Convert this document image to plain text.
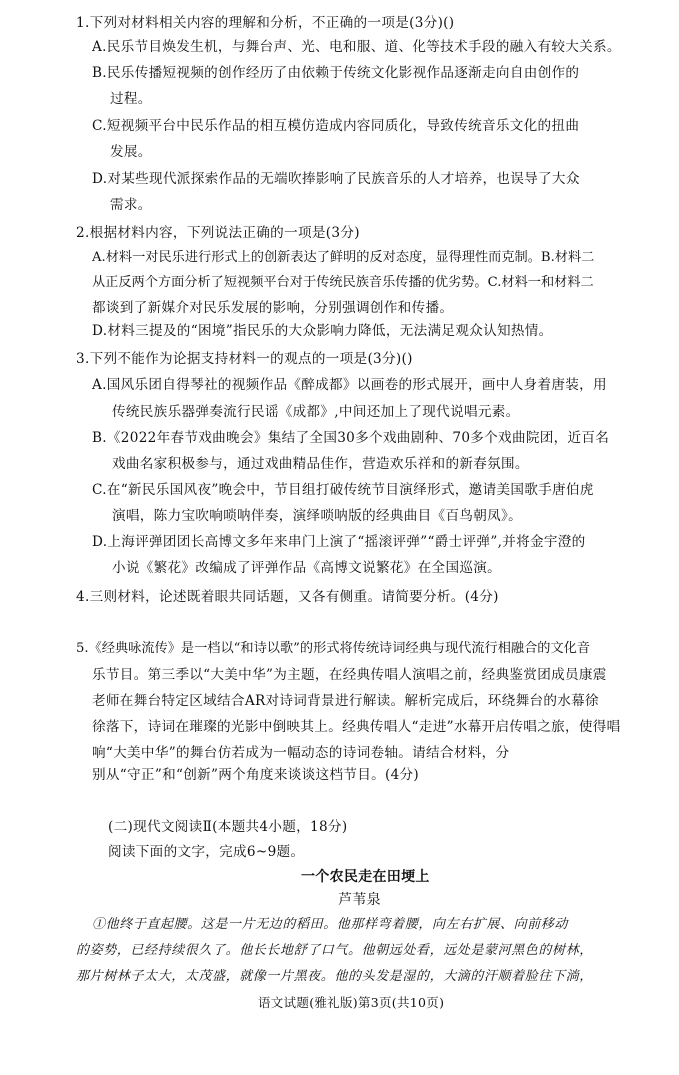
1.下列对材料相关内容的理解和分析，不正确的一项是(3分)()
A.民乐节目焕发生机，与舞台声、光、电和服、道、化等技术手段的融入有较大关系。
B.民乐传播短视频的创作经历了由依赖于传统文化影视作品逐渐走向自由创作的
过程。
C.短视频平台中民乐作品的相互模仿造成内容同质化，导致传统音乐文化的扭曲
发展。
D.对某些现代派探索作品的无端吹捧影响了民族音乐的人才培养，也误导了大众
需求。
2.根据材料内容，下列说法正确的一项是(3分)
A.材料一对民乐进行形式上的创新表达了鲜明的反对态度，显得理性而克制。B.材料二
从正反两个方面分析了短视频平台对于传统民族音乐传播的优劣势。C.材料一和材料二
都谈到了新媒介对民乐发展的影响，分别强调创作和传播。
D.材料三提及的“困境”指民乐的大众影响力降低，无法满足观众认知热情。
3.下列不能作为论据支持材料一的观点的一项是(3分)()
A.国风乐团自得琴社的视频作品《醉成都》以画卷的形式展开，画中人身着唐装，用
传统民族乐器弹奏流行民谣《成都》,中间还加上了现代说唱元素。
B.《2022年春节戏曲晚会》集结了全国30多个戏曲剧种、70多个戏曲院团，近百名
戏曲名家积极参与，通过戏曲精品佳作，营造欢乐祥和的新春氛围。
C.在“新民乐国风夜”晚会中，节目组打破传统节目演绎形式，邀请美国歌手唐伯虎
演唱，陈力宝吹响唢呐伴奏，演绎唢呐版的经典曲目《百鸟朝凤》。
D.上海评弹团团长高博文多年来串门上演了“摇滚评弹”“爵士评弹”,并将金宇澄的
小说《繁花》改编成了评弹作品《高博文说繁花》在全国巡演。
4.三则材料，论述既着眼共同话题，又各有侧重。请简要分析。(4分)
5.《经典咏流传》是一档以“和诗以歌”的形式将传统诗词经典与现代流行相融合的文化音
乐节目。第三季以“大美中华”为主题，在经典传唱人演唱之前，经典鉴赏团成员康震
老师在舞台特定区域结合AR对诗词背景进行解读。解析完成后，环绕舞台的水幕徐
徐落下，诗词在璀璨的光影中倒映其上。经典传唱人“走进”水幕开启传唱之旅，使得唱
响“大美中华”的舞台仿若成为一幅动态的诗词卷轴。请结合材料，分
别从“守正”和“创新”两个角度来谈谈这档节目。(4分)
(二)现代文阅读Ⅱ(本题共4小题，18分)
阅读下面的文字，完成6~9题。
一个农民走在田埂上
芦苇泉
①他终于直起腰。这是一片无边的稻田。他那样弯着腰，向左右扩展、向前移动
的姿势，已经持续很久了。他长长地舒了口气。他朝远处看，远处是蒙河黑色的树林，
那片树林子太大，太茂盛，就像一片黑夜。他的头发是湿的，大滴的汗顺着脸往下淌，
语文试题(雅礼版)第3页(共10页)
